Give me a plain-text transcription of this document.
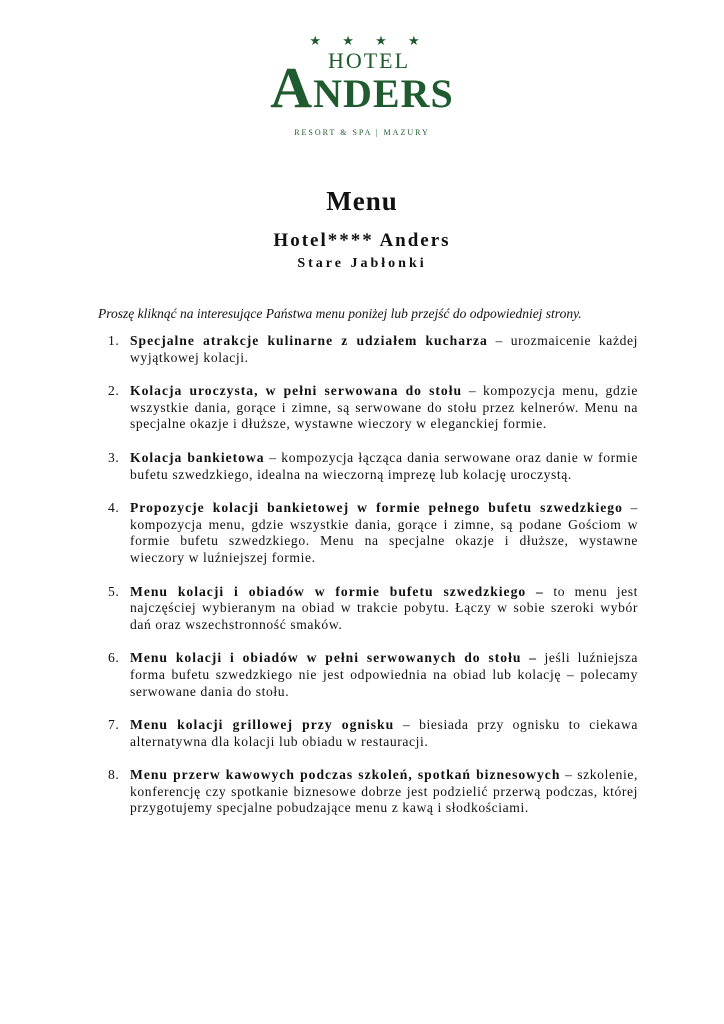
★ ★ ★ ★
HOTEL
ANDERS
RESORT & SPA | MAZURY
Menu
Hotel**** Anders
Stare Jabłonki
Proszę kliknąć na interesujące Państwa menu poniżej lub przejść do odpowiedniej strony.
1. Specjalne atrakcje kulinarne z udziałem kucharza – urozmaicenie każdej wyjątkowej kolacji.
2. Kolacja uroczysta, w pełni serwowana do stołu – kompozycja menu, gdzie wszystkie dania, gorące i zimne, są serwowane do stołu przez kelnerów. Menu na specjalne okazje i dłuższe, wystawne wieczory w eleganckiej formie.
3. Kolacja bankietowa – kompozycja łącząca dania serwowane oraz danie w formie bufetu szwedzkiego, idealna na wieczorną imprezę lub kolację uroczystą.
4. Propozycje kolacji bankietowej w formie pełnego bufetu szwedzkiego – kompozycja menu, gdzie wszystkie dania, gorące i zimne, są podane Gościom w formie bufetu szwedzkiego. Menu na specjalne okazje i dłuższe, wystawne wieczory w luźniejszej formie.
5. Menu kolacji i obiadów w formie bufetu szwedzkiego – to menu jest najczęściej wybieranym na obiad w trakcie pobytu. Łączy w sobie szeroki wybór dań oraz wszechstronność smaków.
6. Menu kolacji i obiadów w pełni serwowanych do stołu – jeśli luźniejsza forma bufetu szwedzkiego nie jest odpowiednia na obiad lub kolację – polecamy serwowane dania do stołu.
7. Menu kolacji grillowej przy ognisku – biesiada przy ognisku to ciekawa alternatywna dla kolacji lub obiadu w restauracji.
8. Menu przerw kawowych podczas szkoleń, spotkań biznesowych – szkolenie, konferencję czy spotkanie biznesowe dobrze jest podzielić przerwą podczas, której przygotujemy specjalne pobudzające menu z kawą i słodkościami.
